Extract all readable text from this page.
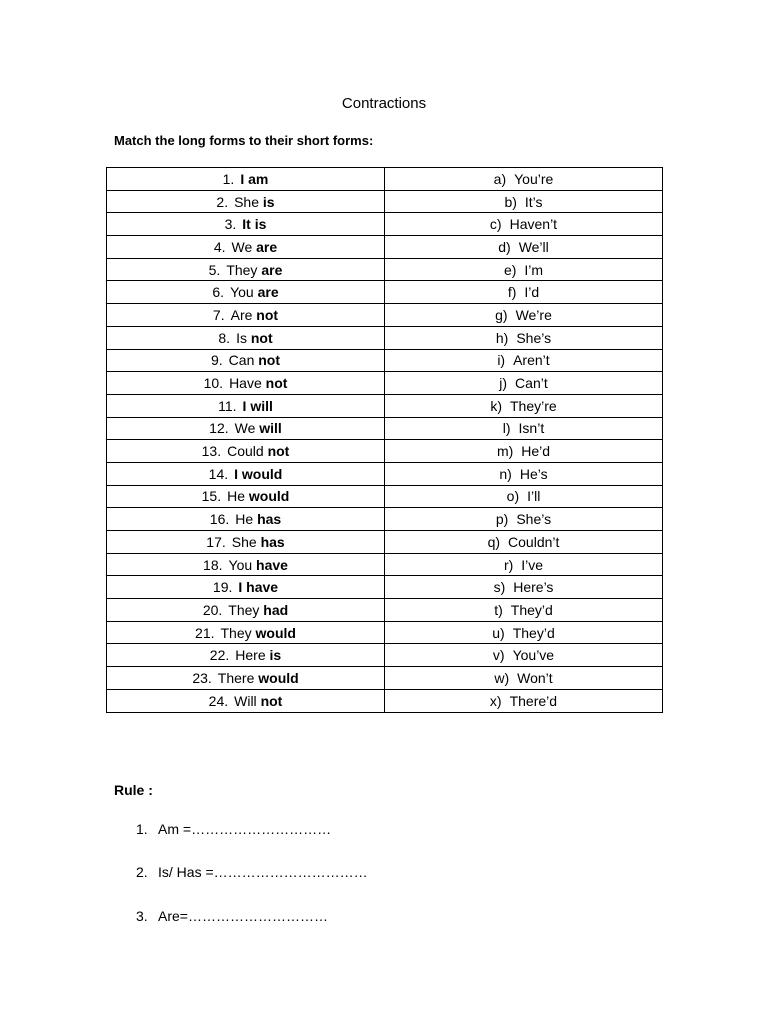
Contractions
Match the long forms to their short forms:
1. I am	a) You’re
2. She is	b) It’s
3. It is	c) Haven’t
4. We are	d) We’ll
5. They are	e) I’m
6. You are	f) I’d
7. Are not	g) We’re
8. Is not	h) She’s
9. Can not	i) Aren’t
10. Have not	j) Can’t
11. I will	k) They’re
12. We will	l) Isn’t
13. Could not	m) He’d
14. I would	n) He’s
15. He would	o) I’ll
16. He has	p) She’s
17. She has	q) Couldn’t
18. You have	r) I’ve
19. I have	s) Here’s
20. They had	t) They’d
21. They would	u) They’d
22. Here is	v) You’ve
23. There would	w) Won’t
24. Will not	x) There’d
Rule :
1. Am =…………………………
2. Is/ Has =……………………………
3. Are=…………………………
